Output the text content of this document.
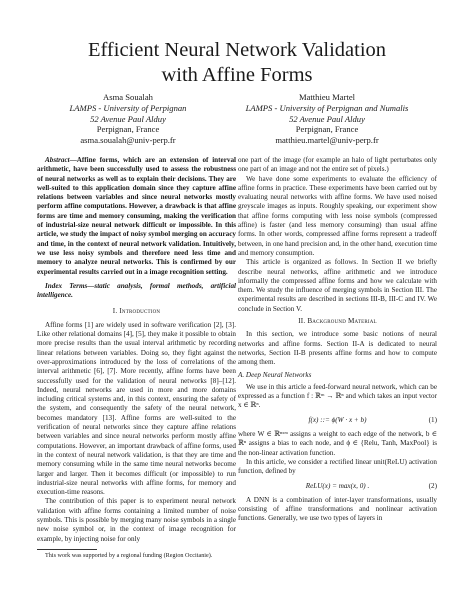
Efficient Neural Network Validation
with Affine Forms
Asma Soualah
LAMPS - University of Perpignan
52 Avenue Paul Alduy
Perpignan, France
asma.soualah@univ-perp.fr
Matthieu Martel
LAMPS - University of Perpignan and Numalis
52 Avenue Paul Alduy
Perpignan, France
matthieu.martel@univ-perp.fr
Abstract—Affine forms, which are an extension of interval arithmetic, have been successfully used to assess the robustness of neural networks as well as to explain their decisions. They are well-suited to this application domain since they capture affine relations between variables and since neural networks mostly perform affine computations. However, a drawback is that affine forms are time and memory consuming, making the verification of industrial-size neural network difficult or impossible. In this article, we study the impact of noisy symbol merging on accuracy and time, in the context of neural network validation. Intuitively, we use less noisy symbols and therefore need less time and memory to analyze neural networks. This is confirmed by our experimental results carried out in a image recognition setting.
Index Terms—static analysis, formal methods, artificial intelligence.
I. Introduction

Affine forms [1] are widely used in software verification [2], [3]. Like other relational domains [4], [5], they make it possible to obtain more precise results than the usual interval arithmetic by recording linear relations between variables. Doing so, they fight against the over-approximations introduced by the loss of correlations of the interval arithmetic [6], [7]. More recently, affine forms have been successfully used for the validation of neural networks [8]–[12]. Indeed, neural networks are used in more and more domains including critical systems and, in this context, ensuring the safety of the system, and consequently the safety of the neural network, becomes mandatory [13]. Affine forms are well-suited to the verification of neural networks since they capture affine relations between variables and since neural networks perform mostly affine computations. However, an important drawback of affine forms, used in the context of neural network validation, is that they are time and memory consuming while in the same time neural networks become larger and larger. Then it becomes difficult (or impossible) to run industrial-size neural networks with affine forms, for memory and execution-time reasons.

The contribution of this paper is to experiment neural network validation with affine forms containing a limited number of noise symbols. This is possible by merging many noise symbols in a single new noise symbol or, in the context of image recognition for example, by injecting noise for only

This work was supported by a regional funding (Region Occitanie).

one part of the image (for example an halo of light perturbates only one part of an image and not the entire set of pixels.)

We have done some experiments to evaluate the efficiency of affine forms in practice. These experiments have been carried out by evaluating neural networks with affine forms. We have used noised greyscale images as inputs. Roughly speaking, our experiment show that affine forms computing with less noise symbols (compressed affine) is faster (and less memory consuming) than usual affine forms. In other words, compressed affine forms represent a tradeoff between, in one hand precision and, in the other hand, execution time and memory consumption.

This article is organized as follows. In Section II we briefly describe neural networks, affine arithmetic and we introduce informally the compressed affine forms and how we calculate with them. We study the influence of merging symbols in Section III. The experimental results are described in sections III-B, III-C and IV. We conclude in Section V.

II. Background Material

In this section, we introduce some basic notions of neural networks and affine forms. Section II-A is dedicated to neural networks, Section II-B presents affine forms and how to compute among them.

A. Deep Neural Networks

We use in this article a feed-forward neural network, which can be expressed as a function f : ℝᵐ → ℝⁿ and which takes an input vector x ∈ ℝⁿ.

f(x) ::= ϕ(W · x + b)	(1)

where W ∈ ℝⁿˣᵐ assigns a weight to each edge of the network, b ∈ ℝⁿ assigns a bias to each node, and ϕ ∈ {Relu, Tanh, MaxPool} is the non-linear activation function.

In this article, we consider a rectified linear unit(ReLU) activation function, defined by

ReLU(x) = max(x, 0) .	(2)

A DNN is a combination of inter-layer transformations, usually consisting of affine transformations and nonlinear activation functions. Generally, we use two types of layers in
